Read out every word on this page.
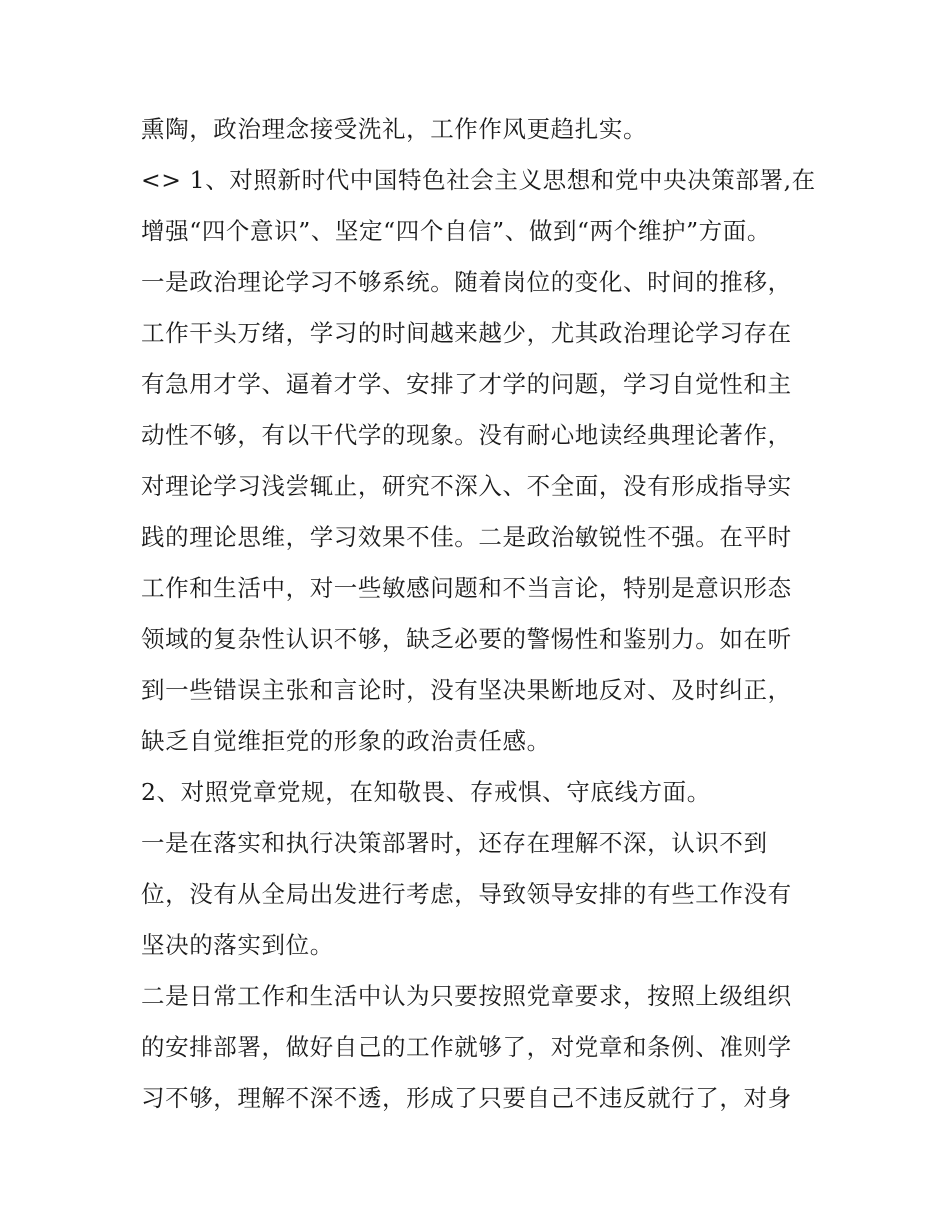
熏陶，政治理念接受洗礼，工作作风更趋扎实。
<> 1、对照新时代中国特色社会主义思想和党中央决策部署,在
增强“四个意识”、坚定“四个自信”、做到“两个维护”方面。
一是政治理论学习不够系统。随着岗位的变化、时间的推移，
工作干头万绪，学习的时间越来越少，尤其政治理论学习存在
有急用才学、逼着才学、安排了才学的问题，学习自觉性和主
动性不够，有以干代学的现象。没有耐心地读经典理论著作，
对理论学习浅尝辄止，研究不深入、不全面，没有形成指导实
践的理论思维，学习效果不佳。二是政治敏锐性不强。在平时
工作和生活中，对一些敏感问题和不当言论，特别是意识形态
领域的复杂性认识不够，缺乏必要的警惕性和鉴别力。如在听
到一些错误主张和言论时，没有坚决果断地反对、及时纠正，
缺乏自觉维拒党的形象的政治责任感。
2、对照党章党规，在知敬畏、存戒惧、守底线方面。
一是在落实和执行决策部署时，还存在理解不深，认识不到
位，没有从全局出发进行考虑，导致领导安排的有些工作没有
坚决的落实到位。
二是日常工作和生活中认为只要按照党章要求，按照上级组织
的安排部署，做好自己的工作就够了，对党章和条例、准则学
习不够，理解不深不透，形成了只要自己不违反就行了，对身
